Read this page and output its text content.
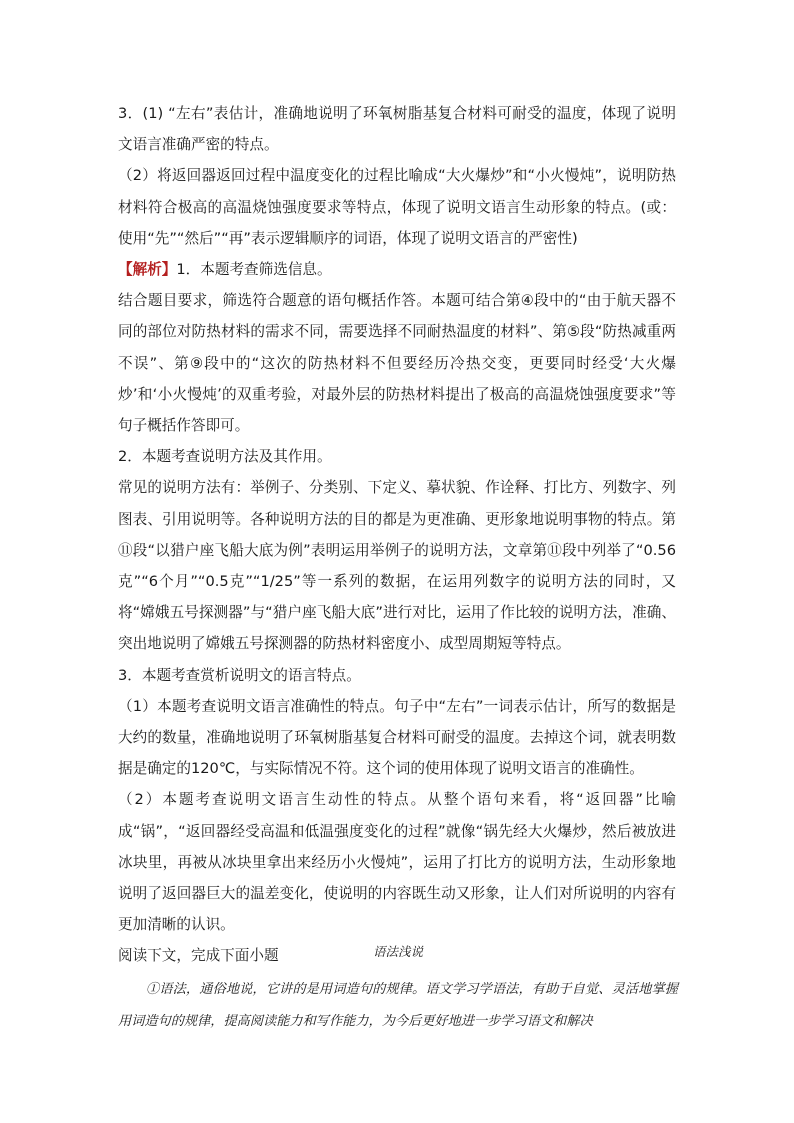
3．(1) “左右”表估计，准确地说明了环氧树脂基复合材料可耐受的温度，体现了说明文语言准确严密的特点。

（2）将返回器返回过程中温度变化的过程比喻成“大火爆炒”和“小火慢炖”，说明防热材料符合极高的高温烧蚀强度要求等特点，体现了说明文语言生动形象的特点。(或：使用“先”“然后”“再”表示逻辑顺序的词语，体现了说明文语言的严密性)

【解析】1．本题考查筛选信息。

结合题目要求，筛选符合题意的语句概括作答。本题可结合第④段中的“由于航天器不同的部位对防热材料的需求不同，需要选择不同耐热温度的材料”、第⑤段“防热减重两不误”、第⑨段中的“这次的防热材料不但要经历冷热交变，更要同时经受‘大火爆炒’和‘小火慢炖’的双重考验，对最外层的防热材料提出了极高的高温烧蚀强度要求”等句子概括作答即可。

2．本题考查说明方法及其作用。

常见的说明方法有：举例子、分类别、下定义、摹状貌、作诠释、打比方、列数字、列图表、引用说明等。各种说明方法的目的都是为更准确、更形象地说明事物的特点。第⑪段“以猎户座飞船大底为例”表明运用举例子的说明方法，文章第⑪段中列举了“0.56克”“6个月”“0.5克”“1/25”等一系列的数据，在运用列数字的说明方法的同时，又将“嫦娥五号探测器”与“猎户座飞船大底”进行对比，运用了作比较的说明方法，准确、突出地说明了嫦娥五号探测器的防热材料密度小、成型周期短等特点。

3．本题考查赏析说明文的语言特点。

（1）本题考查说明文语言准确性的特点。句子中“左右”一词表示估计，所写的数据是大约的数量，准确地说明了环氧树脂基复合材料可耐受的温度。去掉这个词，就表明数据是确定的120℃，与实际情况不符。这个词的使用体现了说明文语言的准确性。

（2）本题考查说明文语言生动性的特点。从整个语句来看，将“返回器”比喻成“锅”，“返回器经受高温和低温强度变化的过程”就像“锅先经大火爆炒，然后被放进冰块里，再被从冰块里拿出来经历小火慢炖”，运用了打比方的说明方法，生动形象地说明了返回器巨大的温差变化，使说明的内容既生动又形象，让人们对所说明的内容有更加清晰的认识。

阅读下文，完成下面小题	语法浅说

①语法，通俗地说，它讲的是用词造句的规律。语文学习学语法，有助于自觉、灵活地掌握用词造句的规律，提高阅读能力和写作能力，为今后更好地进一步学习语文和解决
